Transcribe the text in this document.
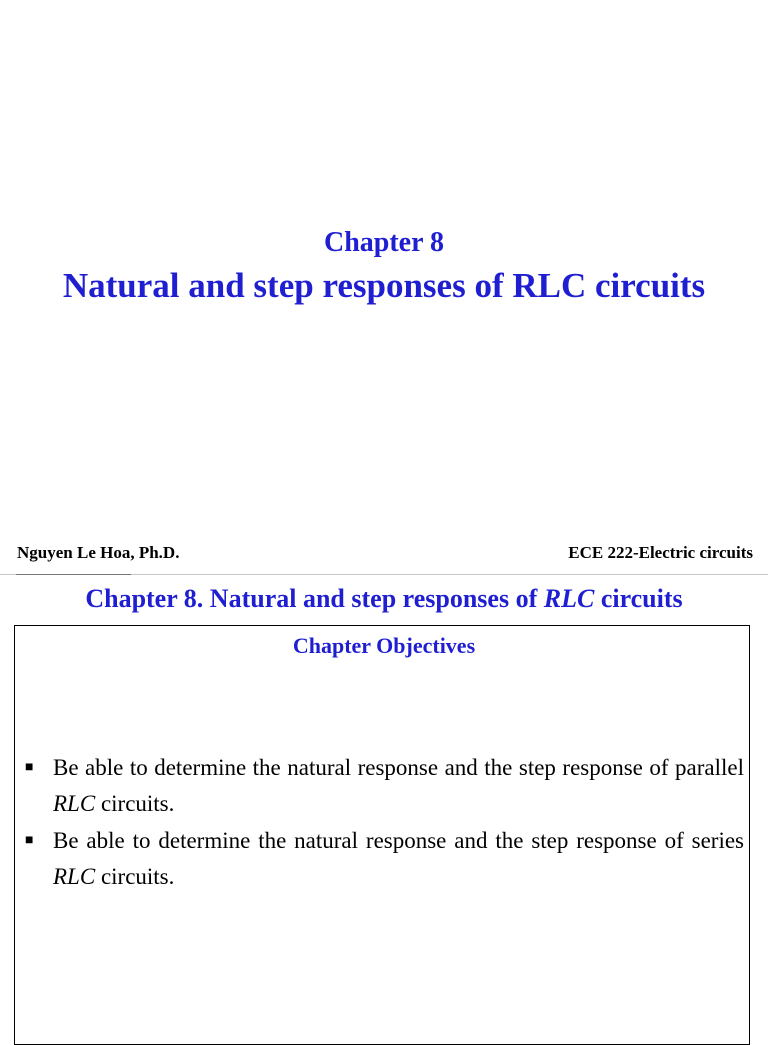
Chapter 8
Natural and step responses of RLC circuits
Nguyen Le Hoa, Ph.D.	ECE 222-Electric circuits
Chapter 8. Natural and step responses of RLC circuits
Chapter Objectives
■ Be able to determine the natural response and the step response of parallel RLC circuits.
■ Be able to determine the natural response and the step response of series RLC circuits.
